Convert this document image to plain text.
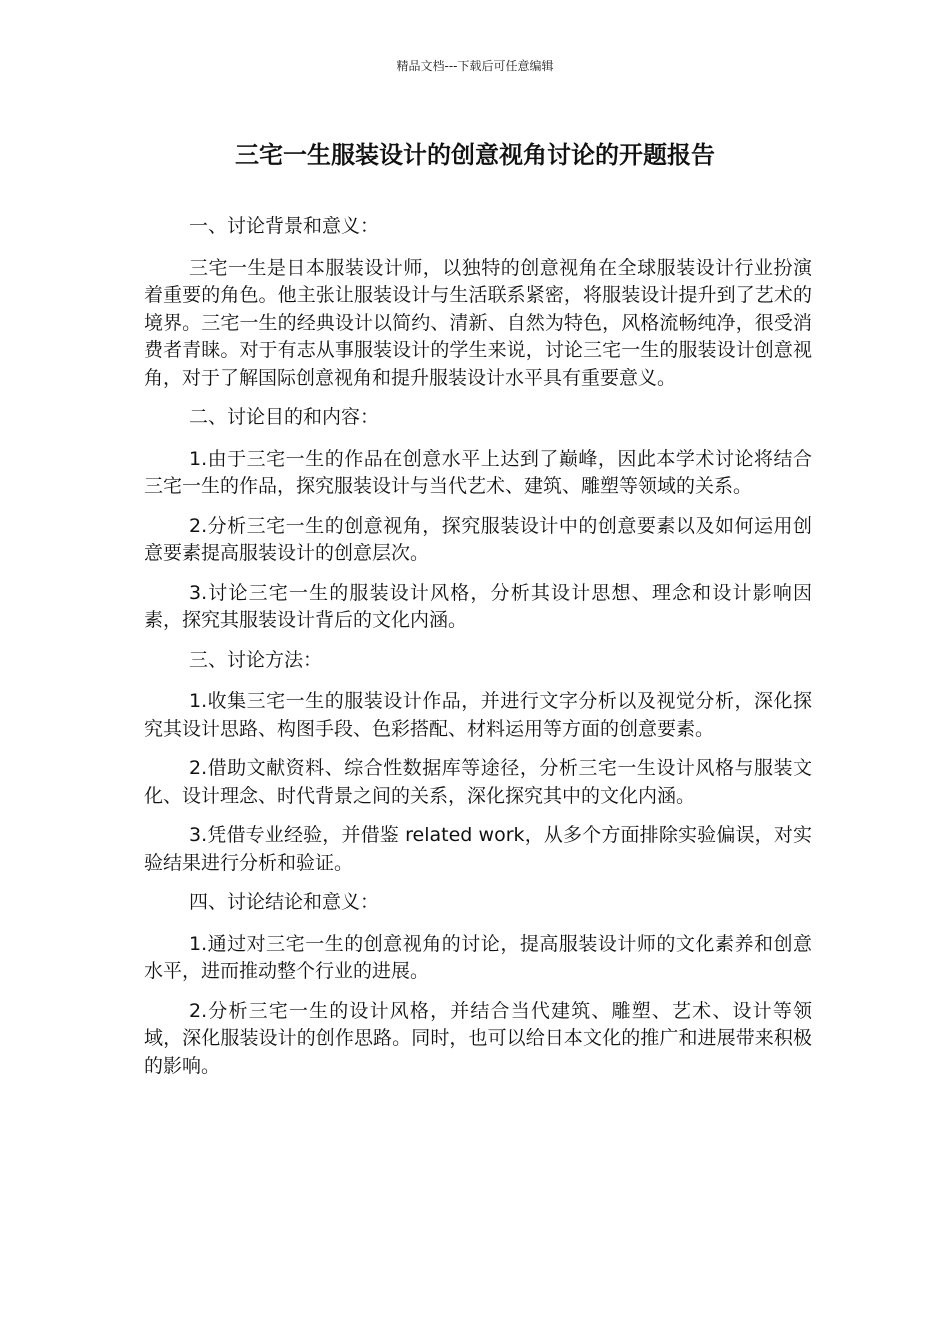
精品文档---下载后可任意编辑
三宅一生服装设计的创意视角讨论的开题报告

一、讨论背景和意义：

三宅一生是日本服装设计师，以独特的创意视角在全球服装设计行业扮演着重要的角色。他主张让服装设计与生活联系紧密，将服装设计提升到了艺术的境界。三宅一生的经典设计以简约、清新、自然为特色，风格流畅纯净，很受消费者青睐。对于有志从事服装设计的学生来说，讨论三宅一生的服装设计创意视角，对于了解国际创意视角和提升服装设计水平具有重要意义。

二、讨论目的和内容：

1.由于三宅一生的作品在创意水平上达到了巅峰，因此本学术讨论将结合三宅一生的作品，探究服装设计与当代艺术、建筑、雕塑等领域的关系。

2.分析三宅一生的创意视角，探究服装设计中的创意要素以及如何运用创意要素提高服装设计的创意层次。

3.讨论三宅一生的服装设计风格，分析其设计思想、理念和设计影响因素，探究其服装设计背后的文化内涵。

三、讨论方法：

1.收集三宅一生的服装设计作品，并进行文字分析以及视觉分析，深化探究其设计思路、构图手段、色彩搭配、材料运用等方面的创意要素。

2.借助文献资料、综合性数据库等途径，分析三宅一生设计风格与服装文化、设计理念、时代背景之间的关系，深化探究其中的文化内涵。

3.凭借专业经验，并借鉴 related work，从多个方面排除实验偏误，对实验结果进行分析和验证。

四、讨论结论和意义：

1.通过对三宅一生的创意视角的讨论，提高服装设计师的文化素养和创意水平，进而推动整个行业的进展。

2.分析三宅一生的设计风格，并结合当代建筑、雕塑、艺术、设计等领域，深化服装设计的创作思路。同时，也可以给日本文化的推广和进展带来积极的影响。
